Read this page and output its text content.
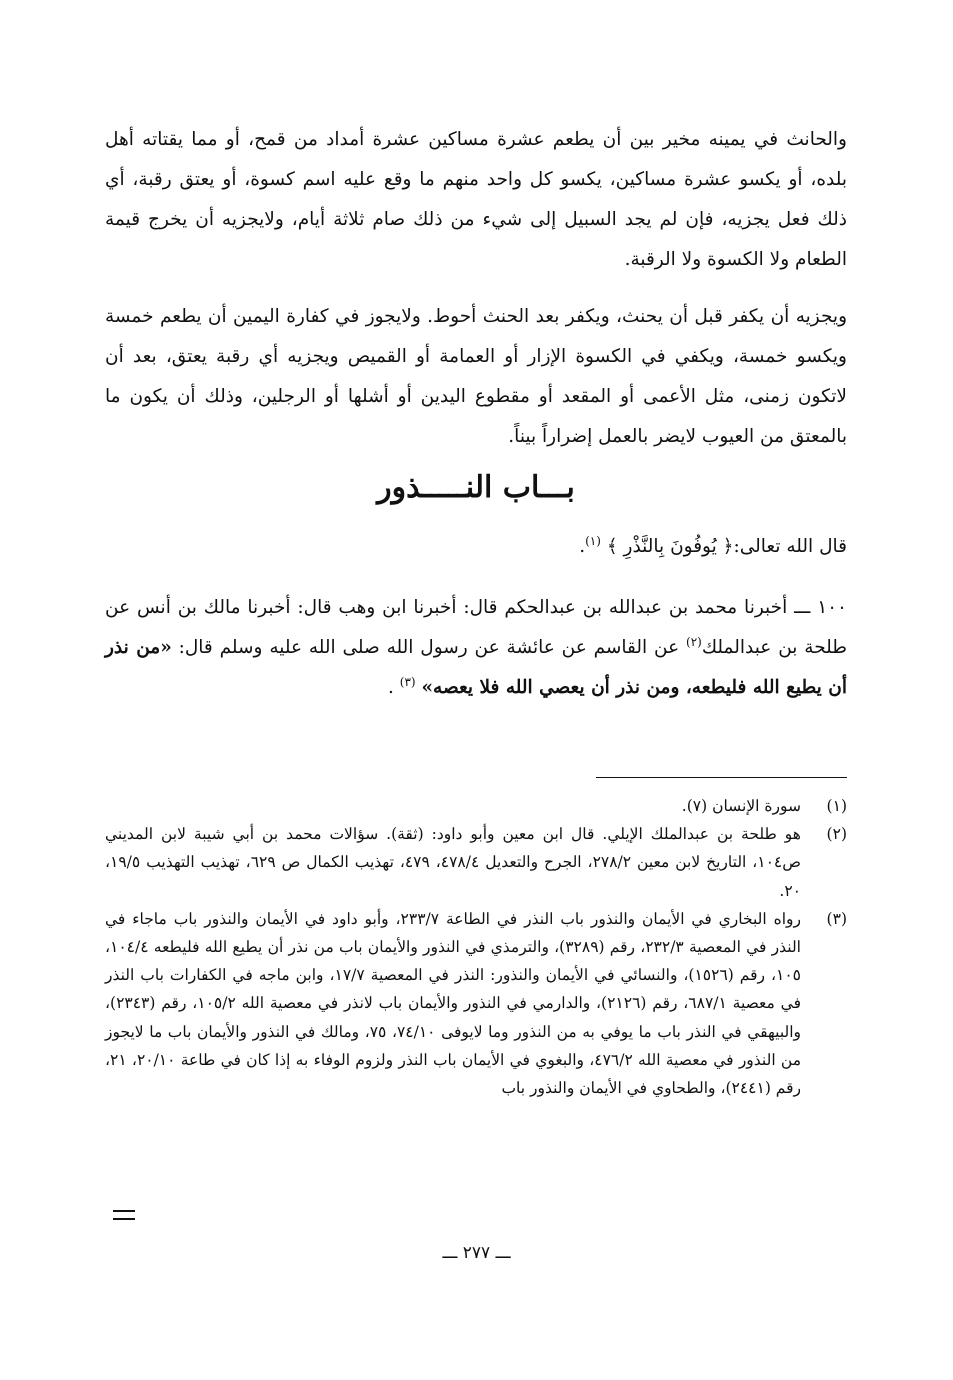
والحانث في يمينه مخير بين أن يطعم عشرة مساكين عشرة أمداد من قمح، أو مما يقتاته أهل بلده، أو يكسو عشرة مساكين، يكسو كل واحد منهم ما وقع عليه اسم كسوة، أو يعتق رقبة، أي ذلك فعل يجزيه، فإن لم يجد السبيل إلى شيء من ذلك صام ثلاثة أيام، ولايجزيه أن يخرج قيمة الطعام ولا الكسوة ولا الرقبة.

ويجزيه أن يكفر قبل أن يحنث، ويكفر بعد الحنث أحوط. ولايجوز في كفارة اليمين أن يطعم خمسة ويكسو خمسة، ويكفي في الكسوة الإزار أو العمامة أو القميص ويجزيه أي رقبة يعتق، بعد أن لاتكون زمنى، مثل الأعمى أو المقعد أو مقطوع اليدين أو أشلها أو الرجلين، وذلك أن يكون ما بالمعتق من العيوب لايضر بالعمل إضراراً بيناً.

بـــاب النـــــذور

قال الله تعالى:﴿ يُوفُونَ بِالنَّذْرِ ﴾ $^{(١)}$.

١٠٠ ـــ أخبرنا محمد بن عبدالله بن عبدالحكم قال: أخبرنا ابن وهب قال: أخبرنا مالك بن أنس عن طلحة بن عبدالملك$^{(٢)}$ عن القاسم عن عائشة عن رسول الله صلى الله عليه وسلم قال: «من نذر أن يطيع الله فليطعه، ومن نذر أن يعصي الله فلا يعصه» $^{(٣)}$ .

(١)
سورة الإنسان (٧).
(٢)
هو طلحة بن عبدالملك الإيلي. قال ابن معين وأبو داود: (ثقة). سؤالات محمد بن أبي شيبة لابن المديني ص١٠٤، التاريخ لابن معين ٢٧٨/٢، الجرح والتعديل ٤٧٨/٤، ٤٧٩، تهذيب الكمال ص ٦٢٩، تهذيب التهذيب ١٩/٥، ٢٠.
(٣)
رواه البخاري في الأيمان والنذور باب النذر في الطاعة ٢٣٣/٧، وأبو داود في الأيمان والنذور باب ماجاء في النذر في المعصية ٢٣٢/٣، رقم (٣٢٨٩)، والترمذي في النذور والأيمان باب من نذر أن يطيع الله فليطعه ١٠٤/٤، ١٠٥، رقم (١٥٢٦)، والنسائي في الأيمان والنذور: النذر في المعصية ١٧/٧، وابن ماجه في الكفارات باب النذر في معصية ٦٨٧/١، رقم (٢١٢٦)، والدارمي في النذور والأيمان باب لانذر في معصية الله ١٠٥/٢، رقم (٢٣٤٣)، والبيهقي في النذر باب ما يوفي به من النذور وما لايوفى ٧٤/١٠، ٧٥، ومالك في النذور والأيمان باب ما لايجوز من النذور في معصية الله ٤٧٦/٢، والبغوي في الأيمان باب النذر ولزوم الوفاء به إذا كان في طاعة ٢٠/١٠، ٢١، رقم (٢٤٤١)، والطحاوي في الأيمان والنذور باب
ـــ ٢٧٧ ـــ
